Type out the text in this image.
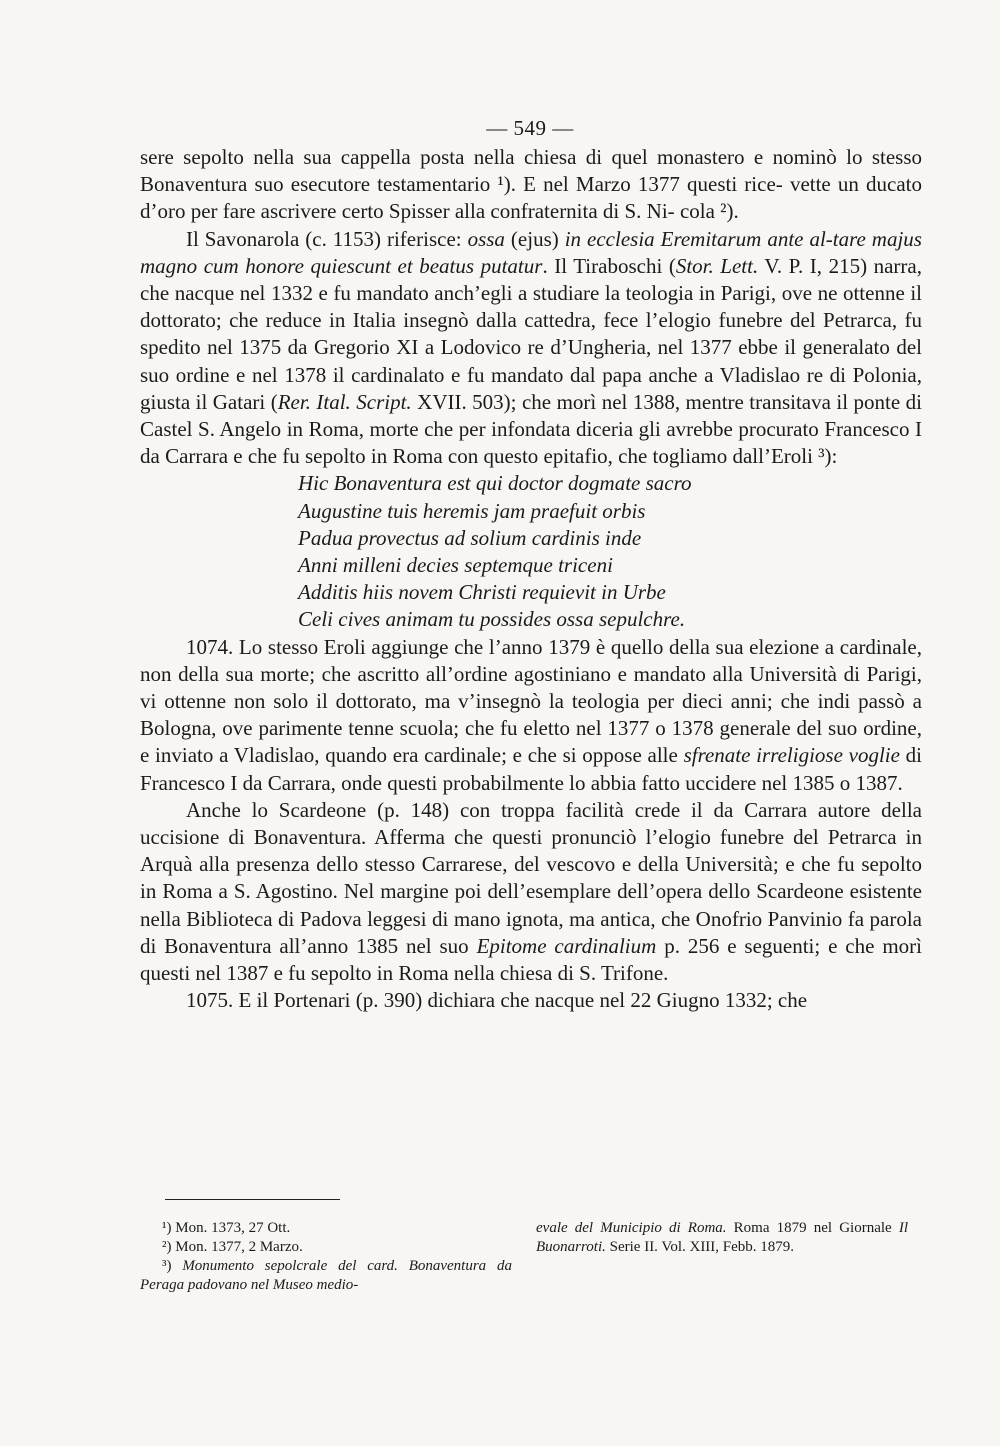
— 549 —

sere sepolto nella sua cappella posta nella chiesa di quel monastero e nominò lo stesso Bonaventura suo esecutore testamentario ¹). E nel Marzo 1377 questi rice- vette un ducato d’oro per fare ascrivere certo Spisser alla confraternita di S. Ni- cola ²).

Il Savonarola (c. 1153) riferisce: ossa (ejus) in ecclesia Eremitarum ante al-tare majus magno cum honore quiescunt et beatus putatur. Il Tiraboschi (Stor. Lett. V. P. I, 215) narra, che nacque nel 1332 e fu mandato anch’egli a studiare la teologia in Parigi, ove ne ottenne il dottorato; che reduce in Italia insegnò dalla cattedra, fece l’elogio funebre del Petrarca, fu spedito nel 1375 da Gregorio XI a Lodovico re d’Ungheria, nel 1377 ebbe il generalato del suo ordine e nel 1378 il cardinalato e fu mandato dal papa anche a Vladislao re di Polonia, giusta il Gatari (Rer. Ital. Script. XVII. 503); che morì nel 1388, mentre transitava il ponte di Castel S. Angelo in Roma, morte che per infondata diceria gli avrebbe procurato Francesco I da Carrara e che fu sepolto in Roma con questo epitafio, che togliamo dall’Eroli ³):

Hic Bonaventura est qui doctor dogmate sacro
Augustine tuis heremis jam praefuit orbis
Padua provectus ad solium cardinis inde
Anni milleni decies septemque triceni
Additis hiis novem Christi requievit in Urbe
Celi cives animam tu possides ossa sepulchre.

1074. Lo stesso Eroli aggiunge che l’anno 1379 è quello della sua elezione a cardinale, non della sua morte; che ascritto all’ordine agostiniano e mandato alla Università di Parigi, vi ottenne non solo il dottorato, ma v’insegnò la teologia per dieci anni; che indi passò a Bologna, ove parimente tenne scuola; che fu eletto nel 1377 o 1378 generale del suo ordine, e inviato a Vladislao, quando era cardinale; e che si oppose alle sfrenate irreligiose voglie di Francesco I da Carrara, onde questi probabilmente lo abbia fatto uccidere nel 1385 o 1387.

Anche lo Scardeone (p. 148) con troppa facilità crede il da Carrara autore della uccisione di Bonaventura. Afferma che questi pronunciò l’elogio funebre del Petrarca in Arquà alla presenza dello stesso Carrarese, del vescovo e della Università; e che fu sepolto in Roma a S. Agostino. Nel margine poi dell’esemplare dell’opera dello Scardeone esistente nella Biblioteca di Padova leggesi di mano ignota, ma antica, che Onofrio Panvinio fa parola di Bonaventura all’anno 1385 nel suo Epitome cardinalium p. 256 e seguenti; e che morì questi nel 1387 e fu sepolto in Roma nella chiesa di S. Trifone.

1075. E il Portenari (p. 390) dichiara che nacque nel 22 Giugno 1332; che

¹) Mon. 1373, 27 Ott.

²) Mon. 1377, 2 Marzo.

³) Monumento sepolcrale del card. Bonaventura da Peraga padovano nel Museo medio-

evale del Municipio di Roma. Roma 1879 nel Giornale Il Buonarroti. Serie II. Vol. XIII, Febb. 1879.
